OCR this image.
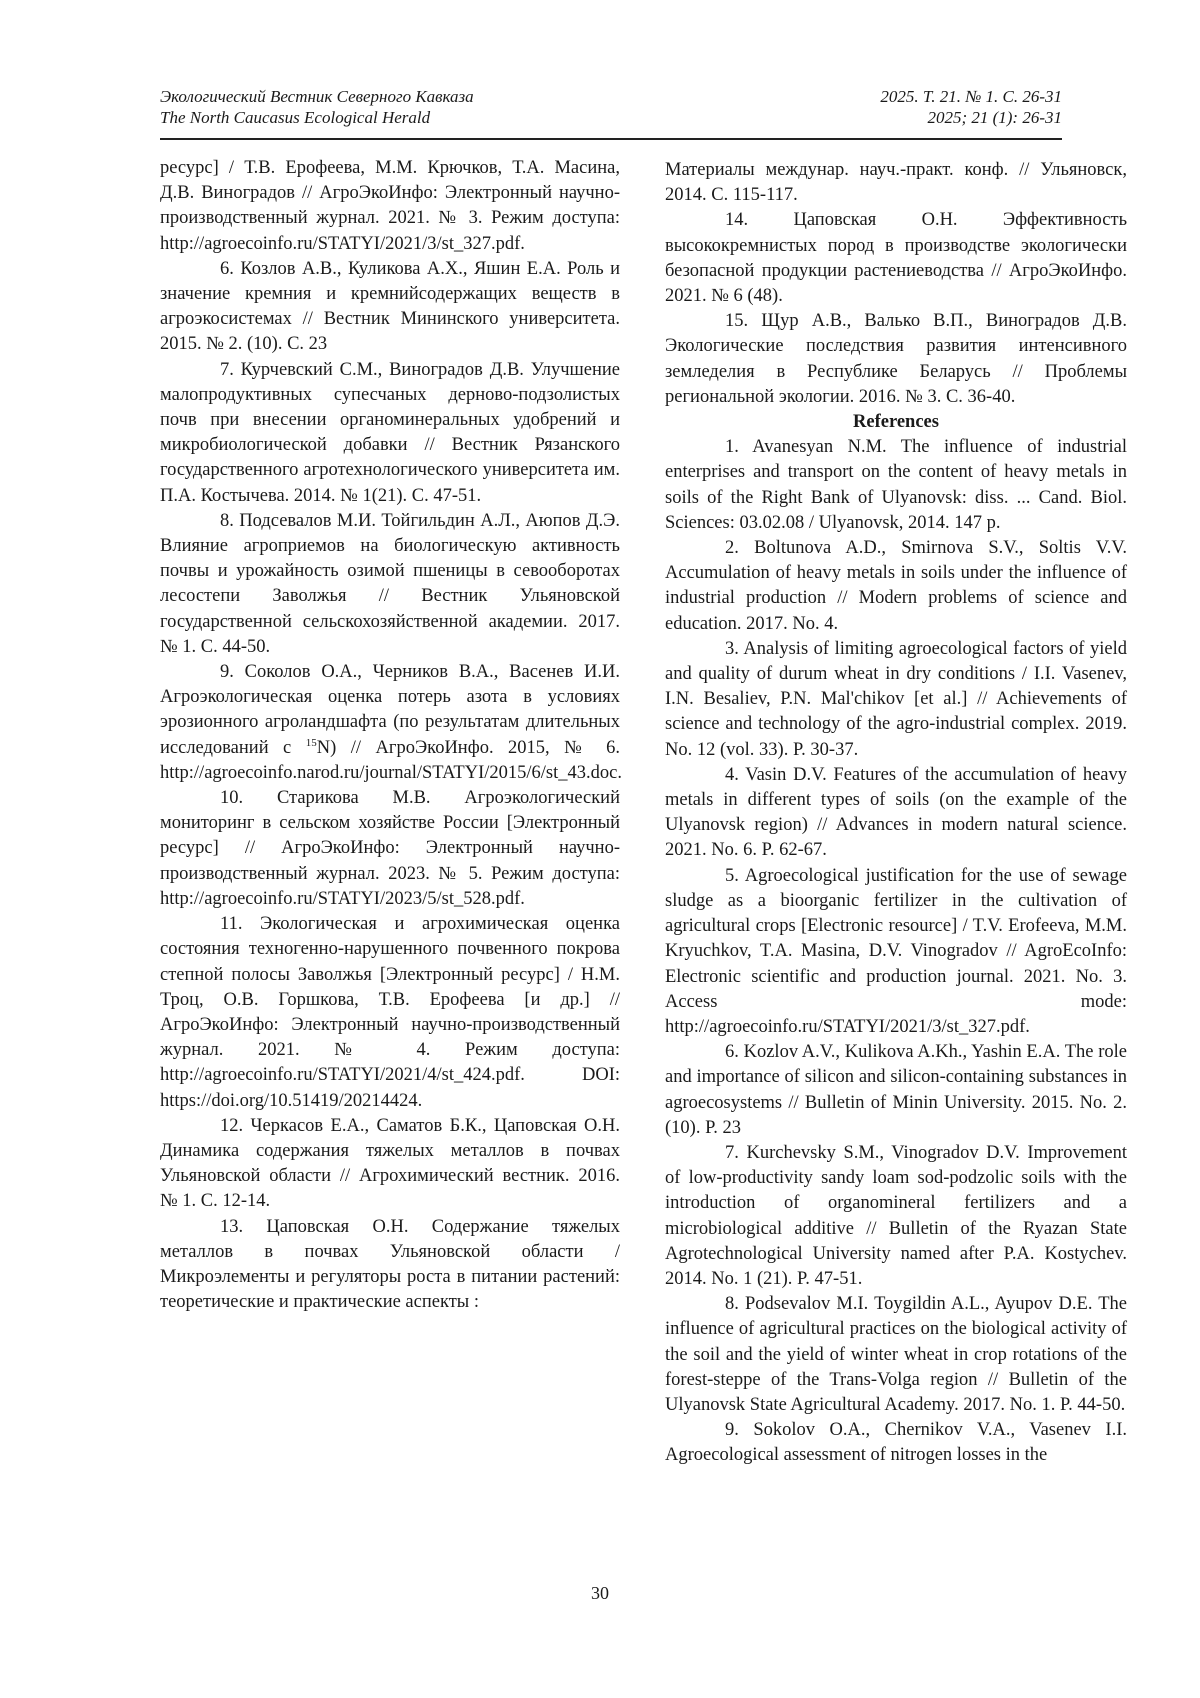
Экологический Вестник Северного Кавказа
The North Caucasus Ecological Herald
2025. Т. 21. № 1. С. 26-31
2025; 21 (1): 26-31

ресурс] / Т.В. Ерофеева, М.М. Крючков, Т.А. Масина, Д.В. Виноградов // АгроЭкоИнфо: Электронный научно-производственный журнал. 2021. № 3. Режим доступа: http://agroecoinfo.ru/STATYI/2021/3/st_327.pdf.

6. Козлов А.В., Куликова А.Х., Яшин Е.А. Роль и значение кремния и кремнийсодержащих веществ в агроэкосистемах // Вестник Мининского университета. 2015. № 2. (10). С. 23

7. Курчевский С.М., Виноградов Д.В. Улучшение малопродуктивных супесчаных дерново-подзолистых почв при внесении органоминеральных удобрений и микробиологической добавки // Вестник Рязанского государственного агротехнологического университета им. П.А. Костычева. 2014. № 1(21). С. 47-51.

8. Подсевалов М.И. Тойгильдин А.Л., Аюпов Д.Э. Влияние агроприемов на биологическую активность почвы и урожайность озимой пшеницы в севооборотах лесостепи Заволжья // Вестник Ульяновской государственной сельскохозяйственной академии. 2017. № 1. С. 44-50.

9. Соколов О.А., Черников В.А., Васенев И.И. Агроэкологическая оценка потерь азота в условиях эрозионного агроландшафта (по результатам длительных исследований с $^{15}$N) // АгроЭкоИнфо. 2015, № 6. http://agroecoinfo.narod.ru/journal/STATYI/2015/6/st_43.doc.

10. Старикова М.В. Агроэкологический мониторинг в сельском хозяйстве России [Электронный ресурс] // АгроЭкоИнфо: Электронный научно-производственный журнал. 2023. № 5. Режим доступа: http://agroecoinfo.ru/STATYI/2023/5/st_528.pdf.

11. Экологическая и агрохимическая оценка состояния техногенно-нарушенного почвенного покрова степной полосы Заволжья [Электронный ресурс] / Н.М. Троц, О.В. Горшкова, Т.В. Ерофеева [и др.] // АгроЭкоИнфо: Электронный научно-производственный журнал. 2021. № 4. Режим доступа: http://agroecoinfo.ru/STATYI/2021/4/st_424.pdf. DOI: https://doi.org/10.51419/20214424.

12. Черкасов Е.А., Саматов Б.К., Цаповская О.Н. Динамика содержания тяжелых металлов в почвах Ульяновской области // Агрохимический вестник. 2016. № 1. С. 12-14.

13. Цаповская О.Н. Содержание тяжелых металлов в почвах Ульяновской области / Микроэлементы и регуляторы роста в питании растений: теоретические и практические аспекты :

Материалы междунар. науч.-практ. конф. // Ульяновск, 2014. С. 115-117.

14. Цаповская О.Н. Эффективность высококремнистых пород в производстве экологически безопасной продукции растениеводства // АгроЭкоИнфо. 2021. № 6 (48).

15. Щур А.В., Валько В.П., Виноградов Д.В. Экологические последствия развития интенсивного земледелия в Республике Беларусь // Проблемы региональной экологии. 2016. № 3. С. 36-40.

References

1. Avanesyan N.M. The influence of industrial enterprises and transport on the content of heavy metals in soils of the Right Bank of Ulyanovsk: diss. ... Cand. Biol. Sciences: 03.02.08 / Ulyanovsk, 2014. 147 p.

2. Boltunova A.D., Smirnova S.V., Soltis V.V. Accumulation of heavy metals in soils under the influence of industrial production // Modern problems of science and education. 2017. No. 4.

3. Analysis of limiting agroecological factors of yield and quality of durum wheat in dry conditions / I.I. Vasenev, I.N. Besaliev, P.N. Mal'chikov [et al.] // Achievements of science and technology of the agro-industrial complex. 2019. No. 12 (vol. 33). P. 30-37.

4. Vasin D.V. Features of the accumulation of heavy metals in different types of soils (on the example of the Ulyanovsk region) // Advances in modern natural science. 2021. No. 6. P. 62-67.

5. Agroecological justification for the use of sewage sludge as a bioorganic fertilizer in the cultivation of agricultural crops [Electronic resource] / T.V. Erofeeva, M.M. Kryuchkov, T.A. Masina, D.V. Vinogradov // AgroEcoInfo: Electronic scientific and production journal. 2021. No. 3. Access mode: http://agroecoinfo.ru/STATYI/2021/3/st_327.pdf.

6. Kozlov A.V., Kulikova A.Kh., Yashin E.A. The role and importance of silicon and silicon-containing substances in agroecosystems // Bulletin of Minin University. 2015. No. 2. (10). P. 23

7. Kurchevsky S.M., Vinogradov D.V. Improvement of low-productivity sandy loam sod-podzolic soils with the introduction of organomineral fertilizers and a microbiological additive // Bulletin of the Ryazan State Agrotechnological University named after P.A. Kostychev. 2014. No. 1 (21). P. 47-51.

8. Podsevalov M.I. Toygildin A.L., Ayupov D.E. The influence of agricultural practices on the biological activity of the soil and the yield of winter wheat in crop rotations of the forest-steppe of the Trans-Volga region // Bulletin of the Ulyanovsk State Agricultural Academy. 2017. No. 1. P. 44-50.

9. Sokolov O.A., Chernikov V.A., Vasenev I.I. Agroecological assessment of nitrogen losses in the

30
